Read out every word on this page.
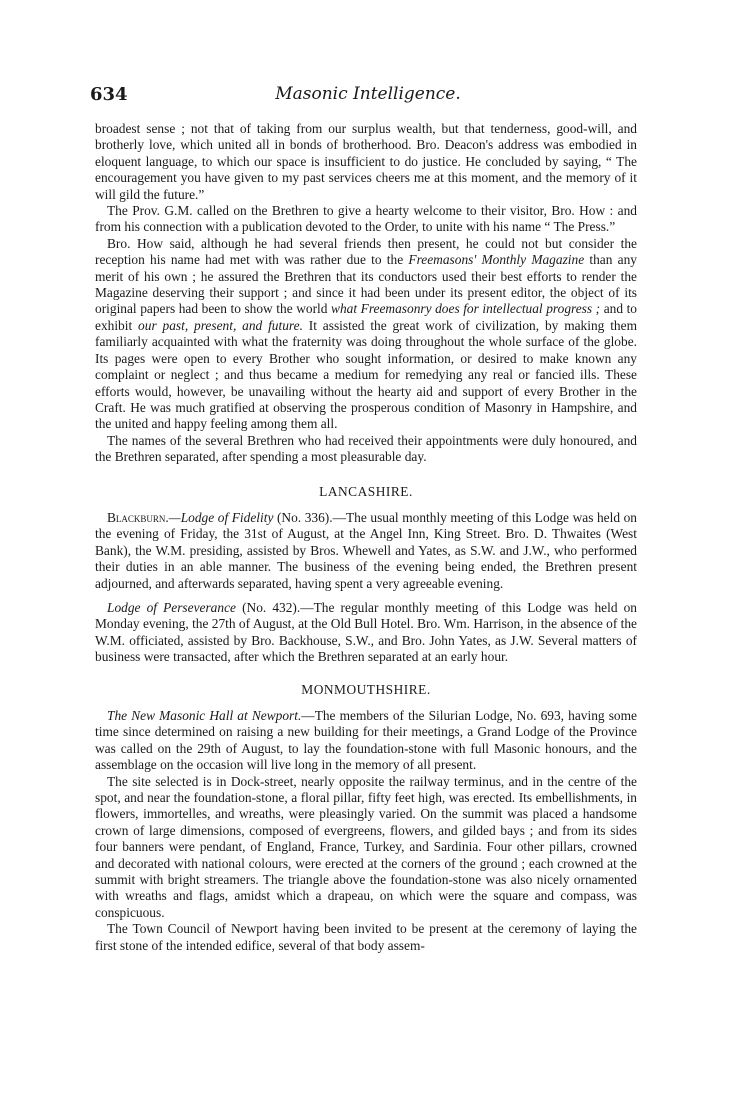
634	Masonic Intelligence.

broadest sense ; not that of taking from our surplus wealth, but that tenderness, good-will, and brotherly love, which united all in bonds of brotherhood. Bro. Deacon's address was embodied in eloquent language, to which our space is insufficient to do justice. He concluded by saying, “ The encouragement you have given to my past services cheers me at this moment, and the memory of it will gild the future.”

The Prov. G.M. called on the Brethren to give a hearty welcome to their visitor, Bro. How : and from his connection with a publication devoted to the Order, to unite with his name “ The Press.”

Bro. How said, although he had several friends then present, he could not but consider the reception his name had met with was rather due to the Freemasons' Monthly Magazine than any merit of his own ; he assured the Brethren that its conductors used their best efforts to render the Magazine deserving their support ; and since it had been under its present editor, the object of its original papers had been to show the world what Freemasonry does for intellectual progress ; and to exhibit our past, present, and future. It assisted the great work of civilization, by making them familiarly acquainted with what the fraternity was doing throughout the whole surface of the globe. Its pages were open to every Brother who sought information, or desired to make known any complaint or neglect ; and thus became a medium for remedying any real or fancied ills. These efforts would, however, be unavailing without the hearty aid and support of every Brother in the Craft. He was much gratified at observing the prosperous condition of Masonry in Hampshire, and the united and happy feeling among them all.

The names of the several Brethren who had received their appointments were duly honoured, and the Brethren separated, after spending a most pleasurable day.

LANCASHIRE.

Blackburn.—Lodge of Fidelity (No. 336).—The usual monthly meeting of this Lodge was held on the evening of Friday, the 31st of August, at the Angel Inn, King Street. Bro. D. Thwaites (West Bank), the W.M. presiding, assisted by Bros. Whewell and Yates, as S.W. and J.W., who performed their duties in an able manner. The business of the evening being ended, the Brethren present adjourned, and afterwards separated, having spent a very agreeable evening.

Lodge of Perseverance (No. 432).—The regular monthly meeting of this Lodge was held on Monday evening, the 27th of August, at the Old Bull Hotel. Bro. Wm. Harrison, in the absence of the W.M. officiated, assisted by Bro. Backhouse, S.W., and Bro. John Yates, as J.W. Several matters of business were transacted, after which the Brethren separated at an early hour.

MONMOUTHSHIRE.

The New Masonic Hall at Newport.—The members of the Silurian Lodge, No. 693, having some time since determined on raising a new building for their meetings, a Grand Lodge of the Province was called on the 29th of August, to lay the foundation-stone with full Masonic honours, and the assemblage on the occasion will live long in the memory of all present.

The site selected is in Dock-street, nearly opposite the railway terminus, and in the centre of the spot, and near the foundation-stone, a floral pillar, fifty feet high, was erected. Its embellishments, in flowers, immortelles, and wreaths, were pleasingly varied. On the summit was placed a handsome crown of large dimensions, composed of evergreens, flowers, and gilded bays ; and from its sides four banners were pendant, of England, France, Turkey, and Sardinia. Four other pillars, crowned and decorated with national colours, were erected at the corners of the ground ; each crowned at the summit with bright streamers. The triangle above the foundation-stone was also nicely ornamented with wreaths and flags, amidst which a drapeau, on which were the square and compass, was conspicuous.

The Town Council of Newport having been invited to be present at the ceremony of laying the first stone of the intended edifice, several of that body assem-
